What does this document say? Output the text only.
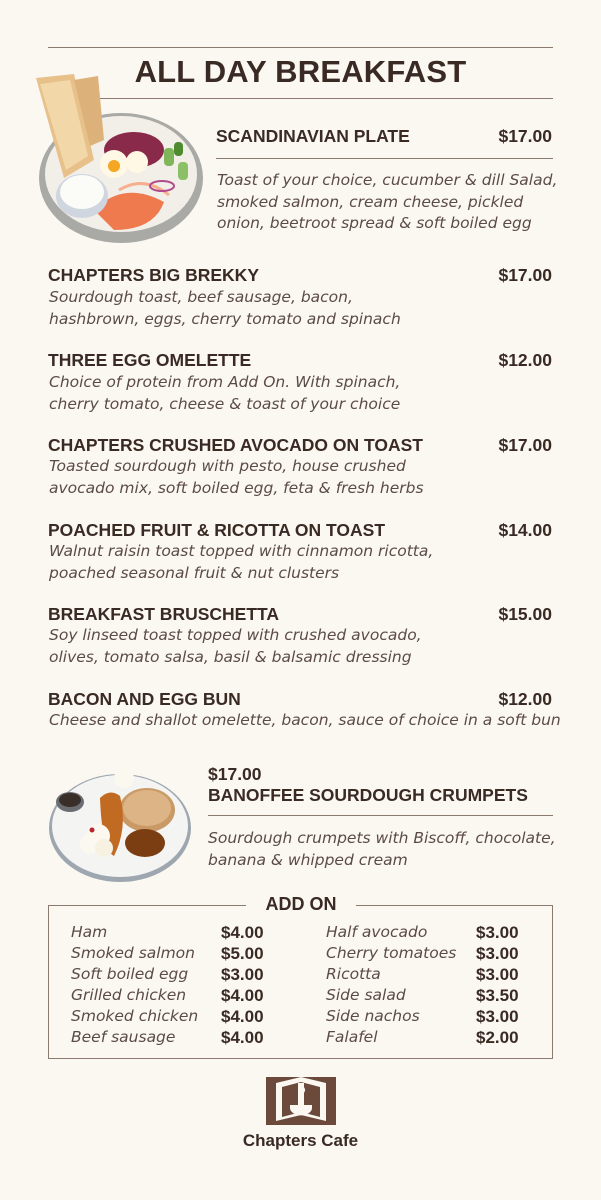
ALL DAY BREAKFAST
SCANDINAVIAN PLATE	$17.00
Toast of your choice, cucumber & dill Salad,
smoked salmon, cream cheese, pickled
onion, beetroot spread & soft boiled egg
CHAPTERS BIG BREKKY	$17.00
Sourdough toast, beef sausage, bacon,
hashbrown, eggs, cherry tomato and spinach
THREE EGG OMELETTE	$12.00
Choice of protein from Add On. With spinach,
cherry tomato, cheese & toast of your choice
CHAPTERS CRUSHED AVOCADO ON TOAST	$17.00
Toasted sourdough with pesto, house crushed
avocado mix, soft boiled egg, feta & fresh herbs
POACHED FRUIT & RICOTTA ON TOAST	$14.00
Walnut raisin toast topped with cinnamon ricotta,
poached seasonal fruit & nut clusters
BREAKFAST BRUSCHETTA	$15.00
Soy linseed toast topped with crushed avocado,
olives, tomato salsa, basil & balsamic dressing
BACON AND EGG BUN	$12.00
Cheese and shallot omelette, bacon, sauce of choice in a soft bun
$17.00
BANOFFEE SOURDOUGH CRUMPETS
Sourdough crumpets with Biscoff, chocolate,
banana & whipped cream
ADD ON
Ham	$4.00
Smoked salmon $5.00
Soft boiled egg $3.00
Grilled chicken $4.00
Smoked chicken $4.00
Beef sausage	$4.00
Half avocado	$3.00
Cherry tomatoes $3.00
Ricotta	$3.00
Side salad	$3.50
Side nachos	$3.00
Falafel	$2.00
Chapters Cafe
